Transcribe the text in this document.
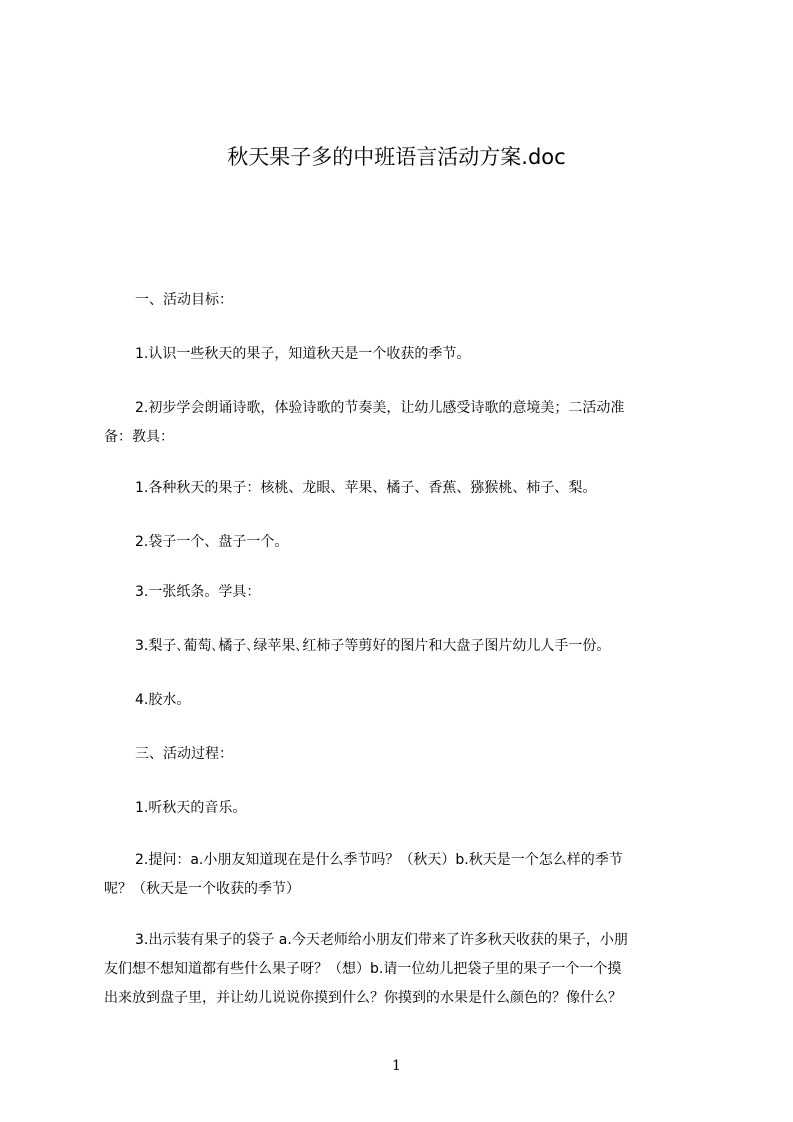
秋天果子多的中班语言活动方案.doc
一、活动目标：
1.认识一些秋天的果子，知道秋天是一个收获的季节。
2.初步学会朗诵诗歌，体验诗歌的节奏美，让幼儿感受诗歌的意境美；二活动准
备：教具：
1.各种秋天的果子：核桃、龙眼、苹果、橘子、香蕉、猕猴桃、柿子、梨。
2.袋子一个、盘子一个。
3.一张纸条。学具：
3.梨子､葡萄､橘子､绿苹果､红柿子等剪好的图片和大盘子图片幼儿人手一份。
4.胶水。
三、活动过程：
1.听秋天的音乐。
2.提问：a.小朋友知道现在是什么季节吗？（秋天）b.秋天是一个怎么样的季节
呢？（秋天是一个收获的季节）
3.出示装有果子的袋子 a.今天老师给小朋友们带来了许多秋天收获的果子，小朋
友们想不想知道都有些什么果子呀？（想）b.请一位幼儿把袋子里的果子一个一个摸
出来放到盘子里，并让幼儿说说你摸到什么？你摸到的水果是什么颜色的？像什么？
1
